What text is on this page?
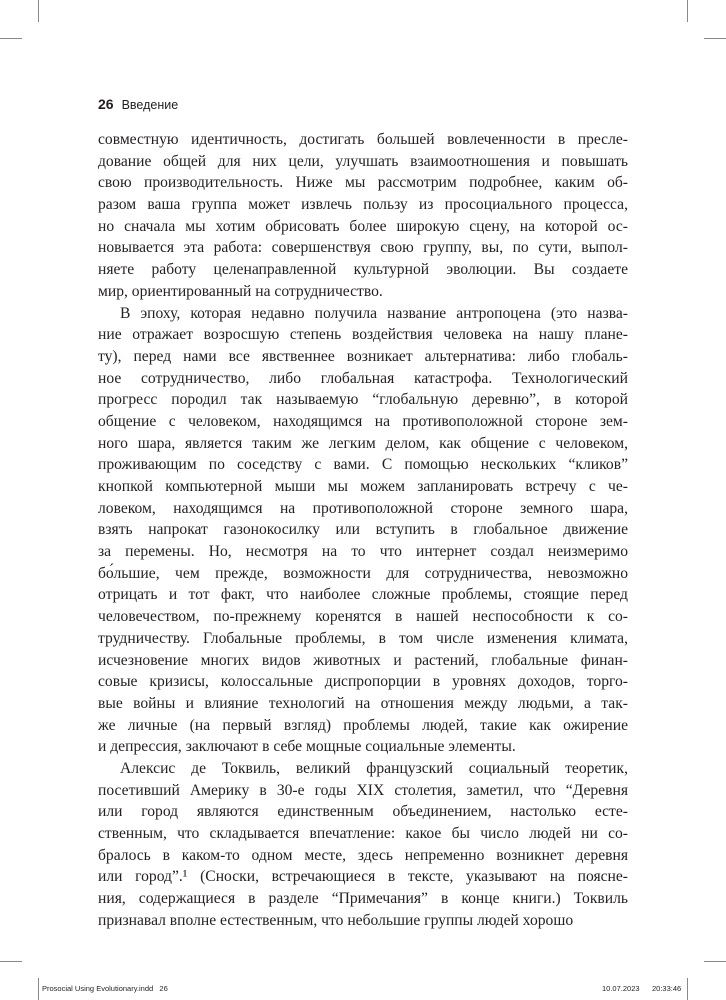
26 Введение
совместную идентичность, достигать большей вовлеченности в пресле-
дование общей для них цели, улучшать взаимоотношения и повышать
свою производительность. Ниже мы рассмотрим подробнее, каким об-
разом ваша группа может извлечь пользу из просоциального процесса,
но сначала мы хотим обрисовать более широкую сцену, на которой ос-
новывается эта работа: совершенствуя свою группу, вы, по сути, выпол-
няете работу целенаправленной культурной эволюции. Вы создаете
мир, ориентированный на сотрудничество.
В эпоху, которая недавно получила название антропоцена (это назва-
ние отражает возросшую степень воздействия человека на нашу плане-
ту), перед нами все явственнее возникает альтернатива: либо глобаль-
ное сотрудничество, либо глобальная катастрофа. Технологический
прогресс породил так называемую “глобальную деревню”, в которой
общение с человеком, находящимся на противоположной стороне зем-
ного шара, является таким же легким делом, как общение с человеком,
проживающим по соседству с вами. С помощью нескольких “кликов”
кнопкой компьютерной мыши мы можем запланировать встречу с че-
ловеком, находящимся на противоположной стороне земного шара,
взять напрокат газонокосилку или вступить в глобальное движение
за перемены. Но, несмотря на то что интернет создал неизмеримо
бо́льшие, чем прежде, возможности для сотрудничества, невозможно
отрицать и тот факт, что наиболее сложные проблемы, стоящие перед
человечеством, по-прежнему коренятся в нашей неспособности к со-
трудничеству. Глобальные проблемы, в том числе изменения климата,
исчезновение многих видов животных и растений, глобальные финан-
совые кризисы, колоссальные диспропорции в уровнях доходов, торго-
вые войны и влияние технологий на отношения между людьми, а так-
же личные (на первый взгляд) проблемы людей, такие как ожирение
и депрессия, заключают в себе мощные социальные элементы.
Алексис де Токвиль, великий французский социальный теоретик,
посетивший Америку в 30-е годы XIX столетия, заметил, что “Деревня
или город являются единственным объединением, настолько есте-
ственным, что складывается впечатление: какое бы число людей ни со-
бралось в каком-то одном месте, здесь непременно возникнет деревня
или город”.¹ (Сноски, встречающиеся в тексте, указывают на поясне-
ния, содержащиеся в разделе “Примечания” в конце книги.) Токвиль
признавал вполне естественным, что небольшие группы людей хорошо
Prosocial Using Evolutionary.indd   26	10.07.2023 20:33:46
